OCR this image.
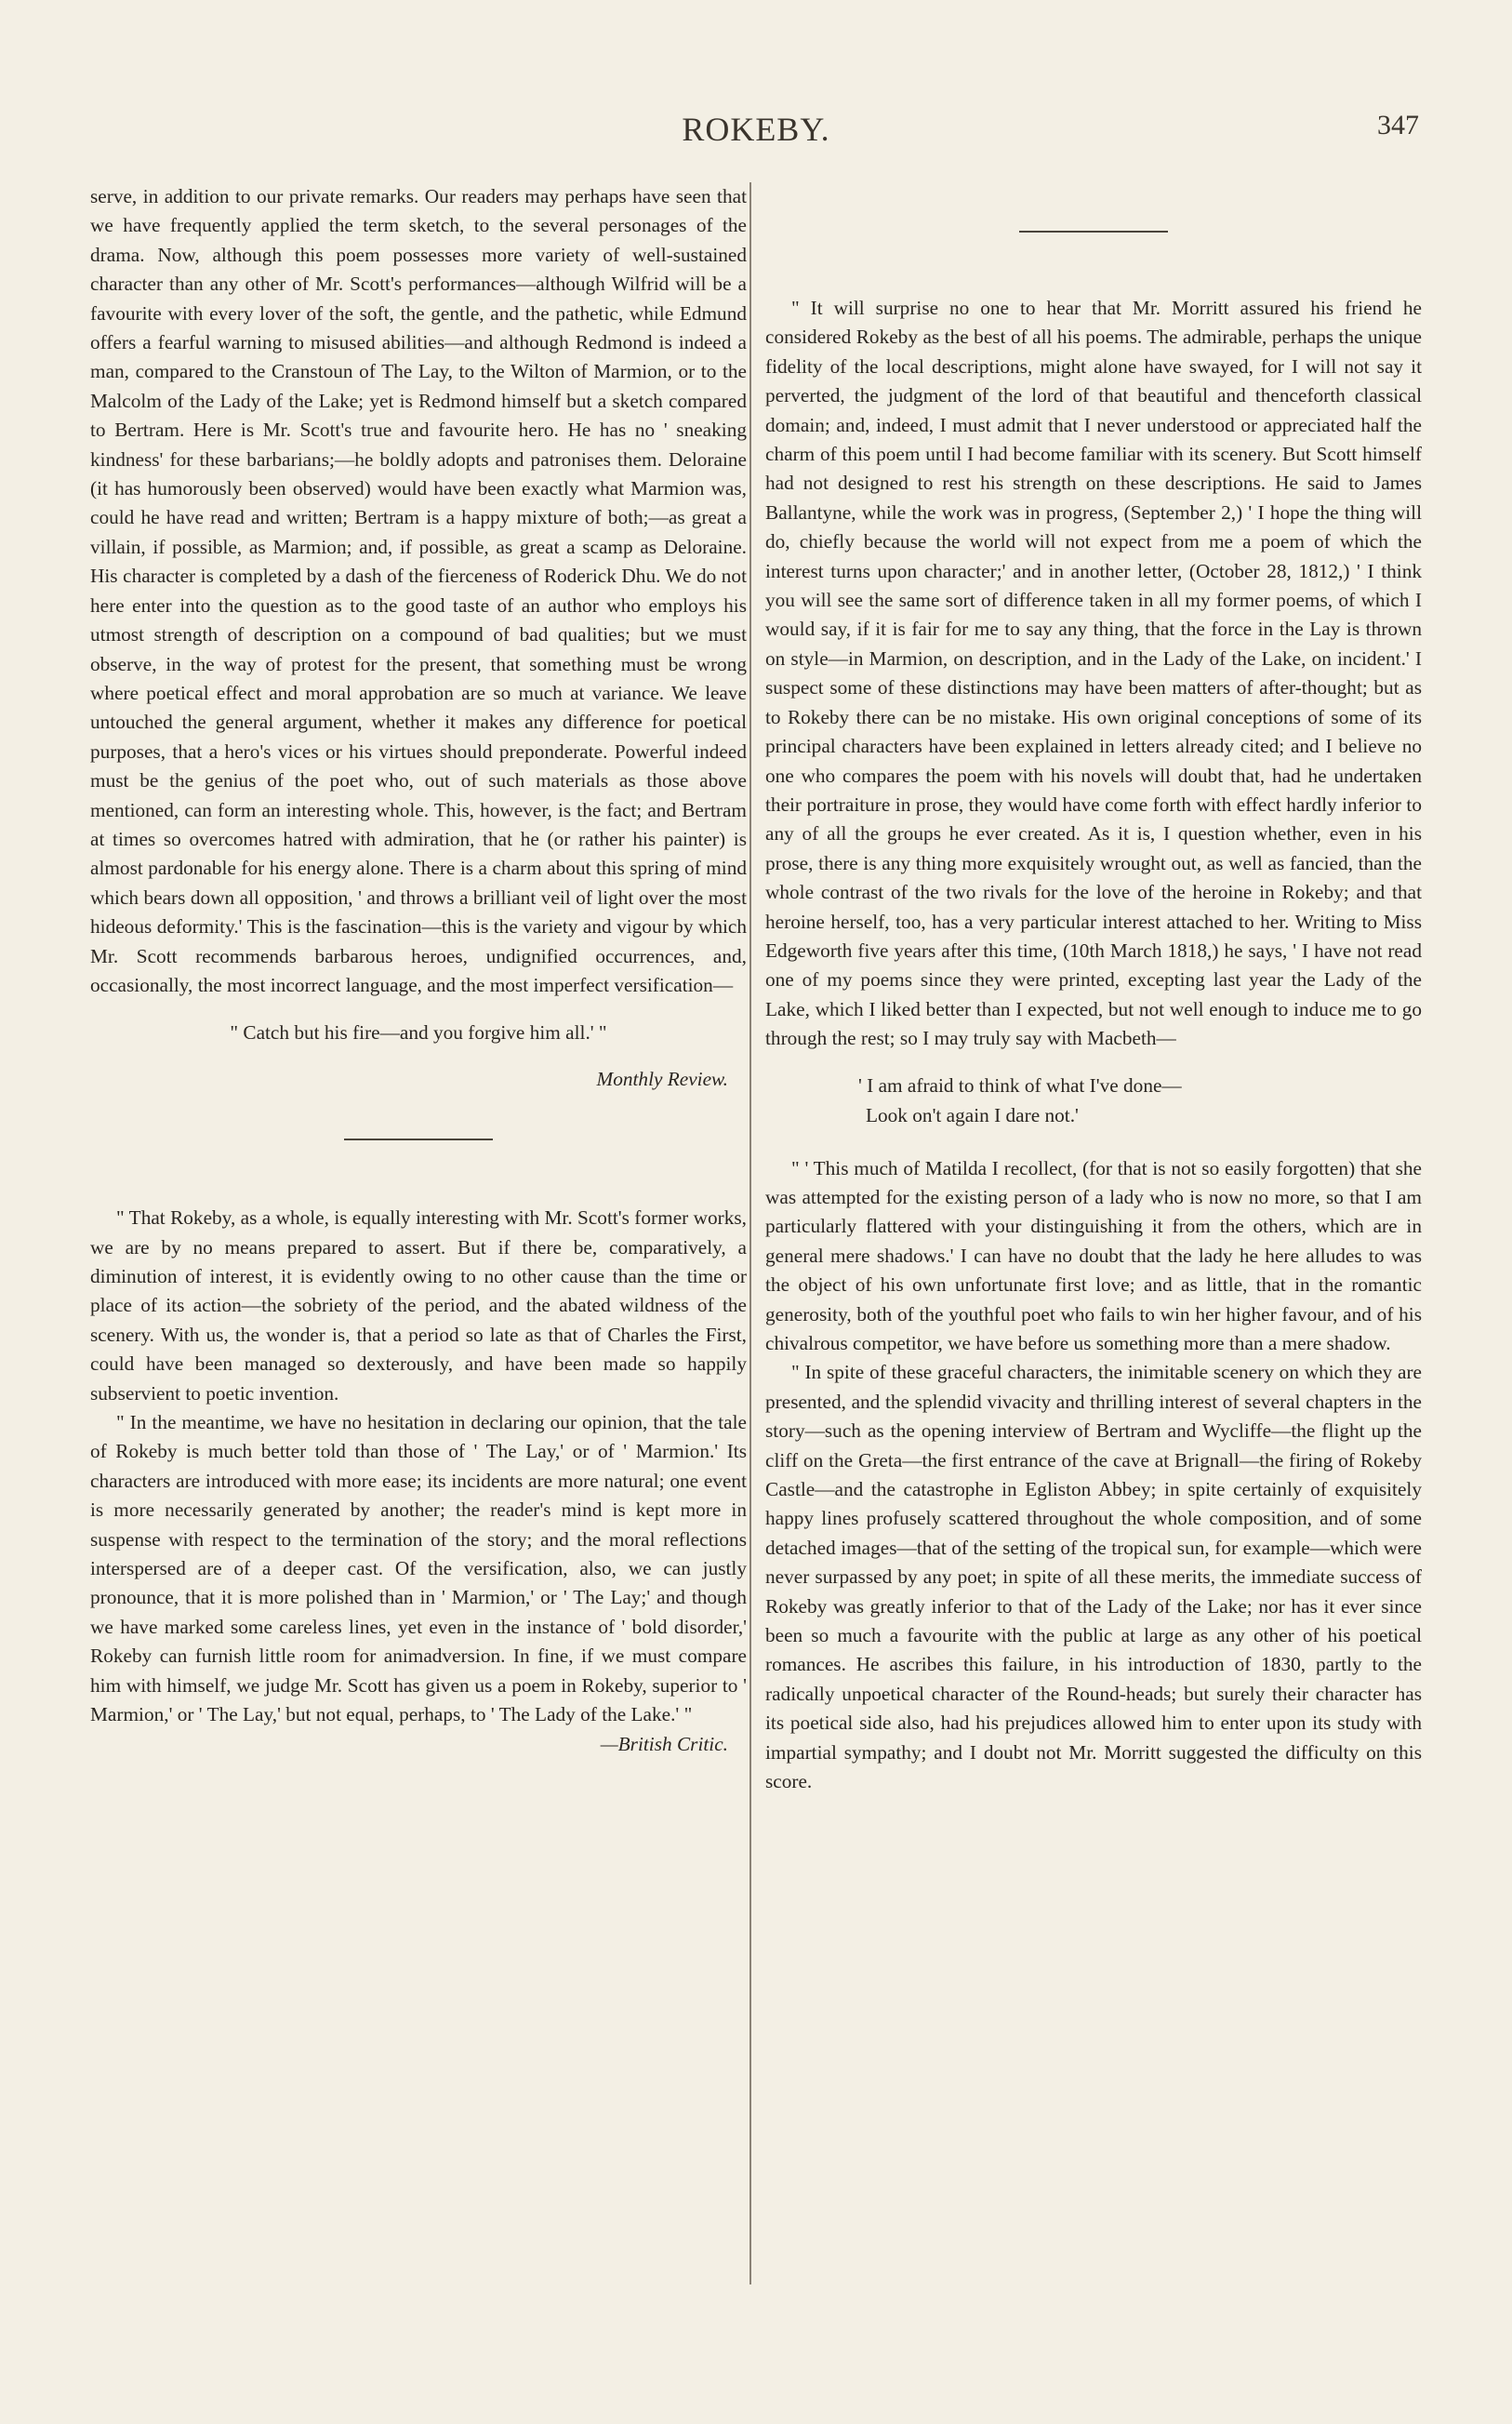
ROKEBY.	347

serve, in addition to our private remarks. Our readers may perhaps have seen that we have frequently applied the term sketch, to the several personages of the drama. Now, although this poem possesses more variety of well-sustained character than any other of Mr. Scott's performances—although Wilfrid will be a favourite with every lover of the soft, the gentle, and the pathetic, while Edmund offers a fearful warning to misused abilities—and although Redmond is indeed a man, compared to the Cranstoun of The Lay, to the Wilton of Marmion, or to the Malcolm of the Lady of the Lake; yet is Redmond himself but a sketch compared to Bertram. Here is Mr. Scott's true and favourite hero. He has no ' sneaking kindness' for these barbarians;—he boldly adopts and patronises them. Deloraine (it has humorously been observed) would have been exactly what Marmion was, could he have read and written; Bertram is a happy mixture of both;—as great a villain, if possible, as Marmion; and, if possible, as great a scamp as Deloraine. His character is completed by a dash of the fierceness of Roderick Dhu. We do not here enter into the question as to the good taste of an author who employs his utmost strength of description on a compound of bad qualities; but we must observe, in the way of protest for the present, that something must be wrong where poetical effect and moral approbation are so much at variance. We leave untouched the general argument, whether it makes any difference for poetical purposes, that a hero's vices or his virtues should preponderate. Powerful indeed must be the genius of the poet who, out of such materials as those above mentioned, can form an interesting whole. This, however, is the fact; and Bertram at times so overcomes hatred with admiration, that he (or rather his painter) is almost pardonable for his energy alone. There is a charm about this spring of mind which bears down all opposition, ' and throws a brilliant veil of light over the most hideous deformity.' This is the fascination—this is the variety and vigour by which Mr. Scott recommends barbarous heroes, undignified occurrences, and, occasionally, the most incorrect language, and the most imperfect versification—

" Catch but his fire—and you forgive him all.' "

Monthly Review.

" That Rokeby, as a whole, is equally interesting with Mr. Scott's former works, we are by no means prepared to assert. But if there be, comparatively, a diminution of interest, it is evidently owing to no other cause than the time or place of its action—the sobriety of the period, and the abated wildness of the scenery. With us, the wonder is, that a period so late as that of Charles the First, could have been managed so dexterously, and have been made so happily subservient to poetic invention.

" In the meantime, we have no hesitation in declaring our opinion, that the tale of Rokeby is much better told than those of ' The Lay,' or of ' Marmion.' Its characters are introduced with more ease; its incidents are more natural; one event is more necessarily generated by another; the reader's mind is kept more in suspense with respect to the termination of the story; and the moral reflections interspersed are of a deeper cast. Of the versification, also, we can justly pronounce, that it is more polished than in ' Marmion,' or ' The Lay;' and though we have marked some careless lines, yet even in the instance of ' bold disorder,' Rokeby can furnish little room for animadversion. In fine, if we must compare him with himself, we judge Mr. Scott has given us a poem in Rokeby, superior to ' Marmion,' or ' The Lay,' but not equal, perhaps, to ' The Lady of the Lake.' "

—British Critic.

" It will surprise no one to hear that Mr. Morritt assured his friend he considered Rokeby as the best of all his poems. The admirable, perhaps the unique fidelity of the local descriptions, might alone have swayed, for I will not say it perverted, the judgment of the lord of that beautiful and thenceforth classical domain; and, indeed, I must admit that I never understood or appreciated half the charm of this poem until I had become familiar with its scenery. But Scott himself had not designed to rest his strength on these descriptions. He said to James Ballantyne, while the work was in progress, (September 2,) ' I hope the thing will do, chiefly because the world will not expect from me a poem of which the interest turns upon character;' and in another letter, (October 28, 1812,) ' I think you will see the same sort of difference taken in all my former poems, of which I would say, if it is fair for me to say any thing, that the force in the Lay is thrown on style—in Marmion, on description, and in the Lady of the Lake, on incident.' I suspect some of these distinctions may have been matters of after-thought; but as to Rokeby there can be no mistake. His own original conceptions of some of its principal characters have been explained in letters already cited; and I believe no one who compares the poem with his novels will doubt that, had he undertaken their portraiture in prose, they would have come forth with effect hardly inferior to any of all the groups he ever created. As it is, I question whether, even in his prose, there is any thing more exquisitely wrought out, as well as fancied, than the whole contrast of the two rivals for the love of the heroine in Rokeby; and that heroine herself, too, has a very particular interest attached to her. Writing to Miss Edgeworth five years after this time, (10th March 1818,) he says, ' I have not read one of my poems since they were printed, excepting last year the Lady of the Lake, which I liked better than I expected, but not well enough to induce me to go through the rest; so I may truly say with Macbeth—

' I am afraid to think of what I've done—
Look on't again I dare not.'

" ' This much of Matilda I recollect, (for that is not so easily forgotten) that she was attempted for the existing person of a lady who is now no more, so that I am particularly flattered with your distinguishing it from the others, which are in general mere shadows.' I can have no doubt that the lady he here alludes to was the object of his own unfortunate first love; and as little, that in the romantic generosity, both of the youthful poet who fails to win her higher favour, and of his chivalrous competitor, we have before us something more than a mere shadow.

" In spite of these graceful characters, the inimitable scenery on which they are presented, and the splendid vivacity and thrilling interest of several chapters in the story—such as the opening interview of Bertram and Wycliffe—the flight up the cliff on the Greta—the first entrance of the cave at Brignall—the firing of Rokeby Castle—and the catastrophe in Egliston Abbey; in spite certainly of exquisitely happy lines profusely scattered throughout the whole composition, and of some detached images—that of the setting of the tropical sun, for example—which were never surpassed by any poet; in spite of all these merits, the immediate success of Rokeby was greatly inferior to that of the Lady of the Lake; nor has it ever since been so much a favourite with the public at large as any other of his poetical romances. He ascribes this failure, in his introduction of 1830, partly to the radically unpoetical character of the Round-heads; but surely their character has its poetical side also, had his prejudices allowed him to enter upon its study with impartial sympathy; and I doubt not Mr. Morritt suggested the difficulty on this score.
